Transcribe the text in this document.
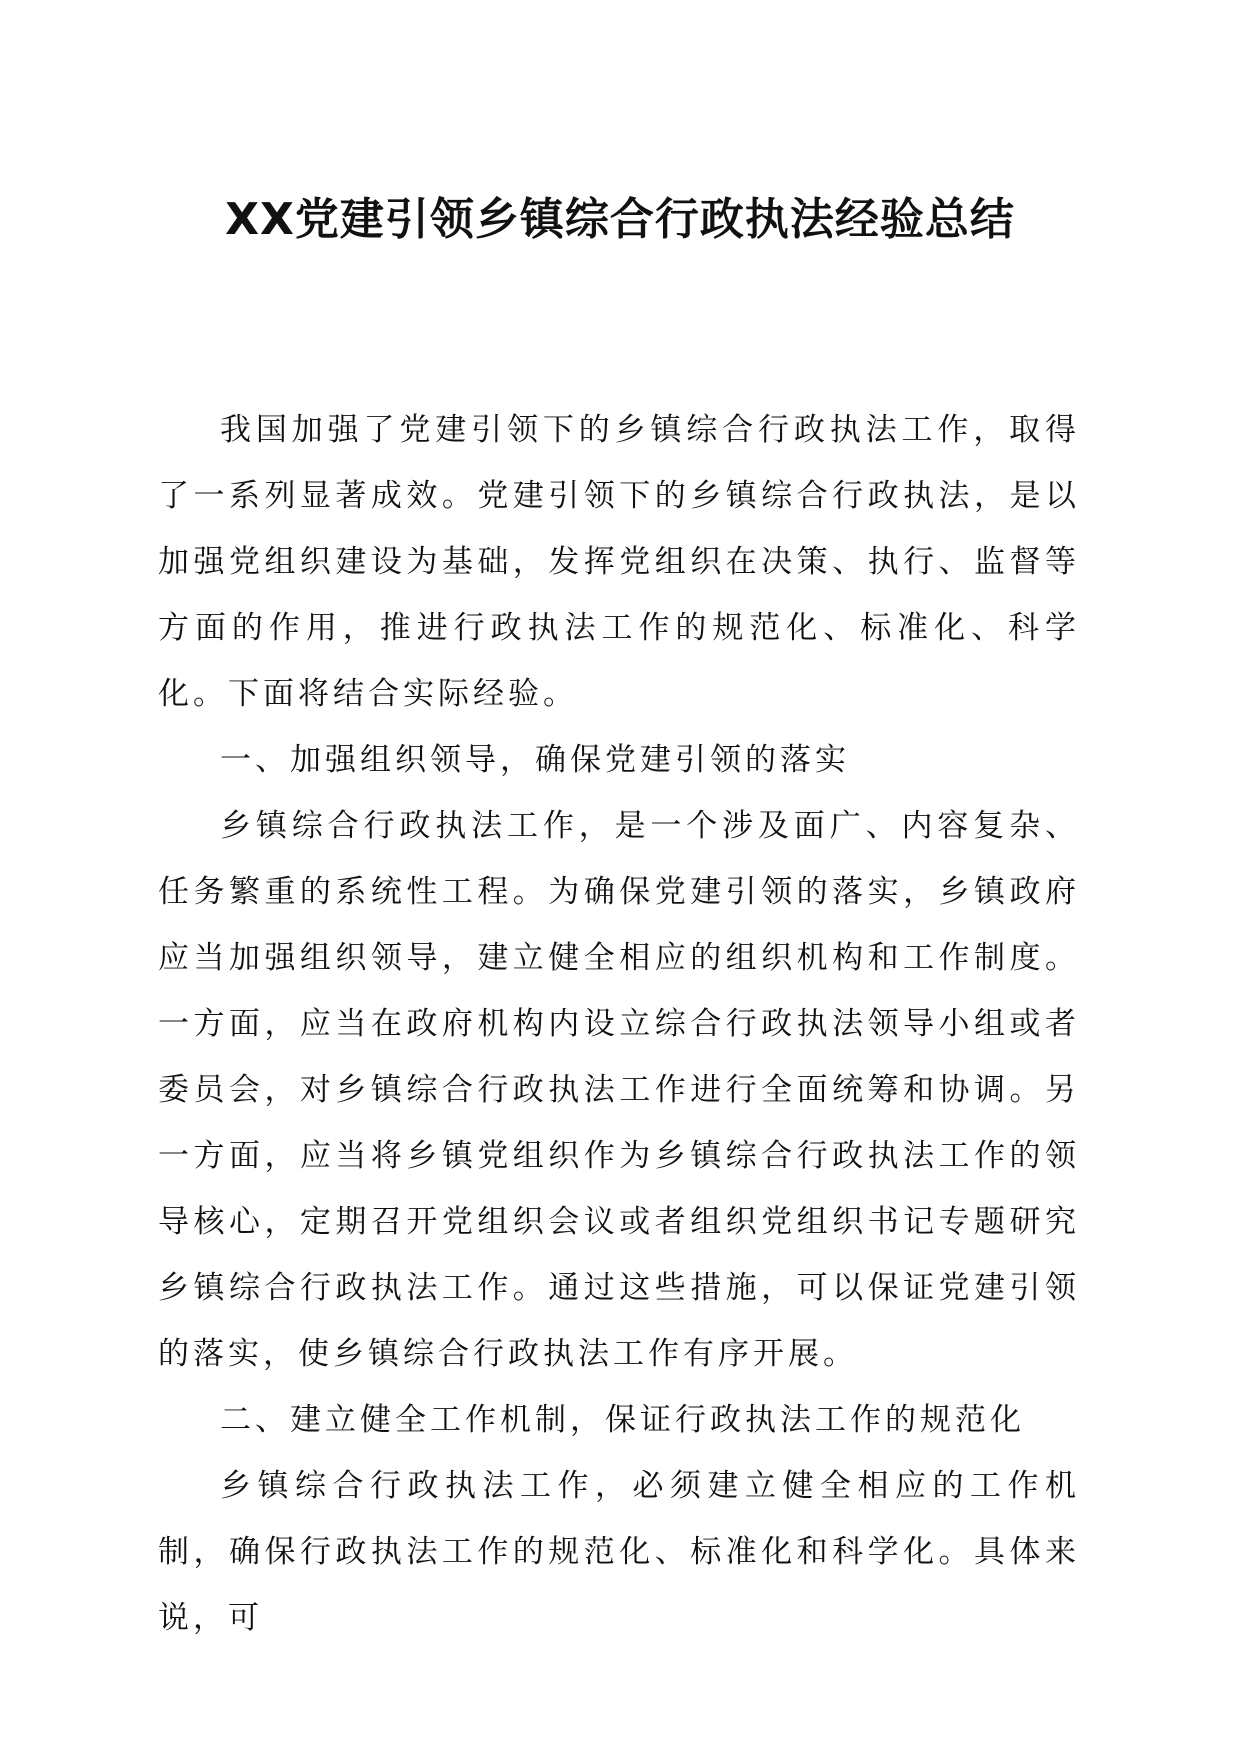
XX党建引领乡镇综合行政执法经验总结

我国加强了党建引领下的乡镇综合行政执法工作，取得了一系列显著成效。党建引领下的乡镇综合行政执法，是以加强党组织建设为基础，发挥党组织在决策、执行、监督等方面的作用，推进行政执法工作的规范化、标准化、科学化。下面将结合实际经验。

一、加强组织领导，确保党建引领的落实

乡镇综合行政执法工作，是一个涉及面广、内容复杂、任务繁重的系统性工程。为确保党建引领的落实，乡镇政府应当加强组织领导，建立健全相应的组织机构和工作制度。一方面，应当在政府机构内设立综合行政执法领导小组或者委员会，对乡镇综合行政执法工作进行全面统筹和协调。另一方面，应当将乡镇党组织作为乡镇综合行政执法工作的领导核心，定期召开党组织会议或者组织党组织书记专题研究乡镇综合行政执法工作。通过这些措施，可以保证党建引领的落实，使乡镇综合行政执法工作有序开展。

二、建立健全工作机制，保证行政执法工作的规范化

乡镇综合行政执法工作，必须建立健全相应的工作机制，确保行政执法工作的规范化、标准化和科学化。具体来说，可
